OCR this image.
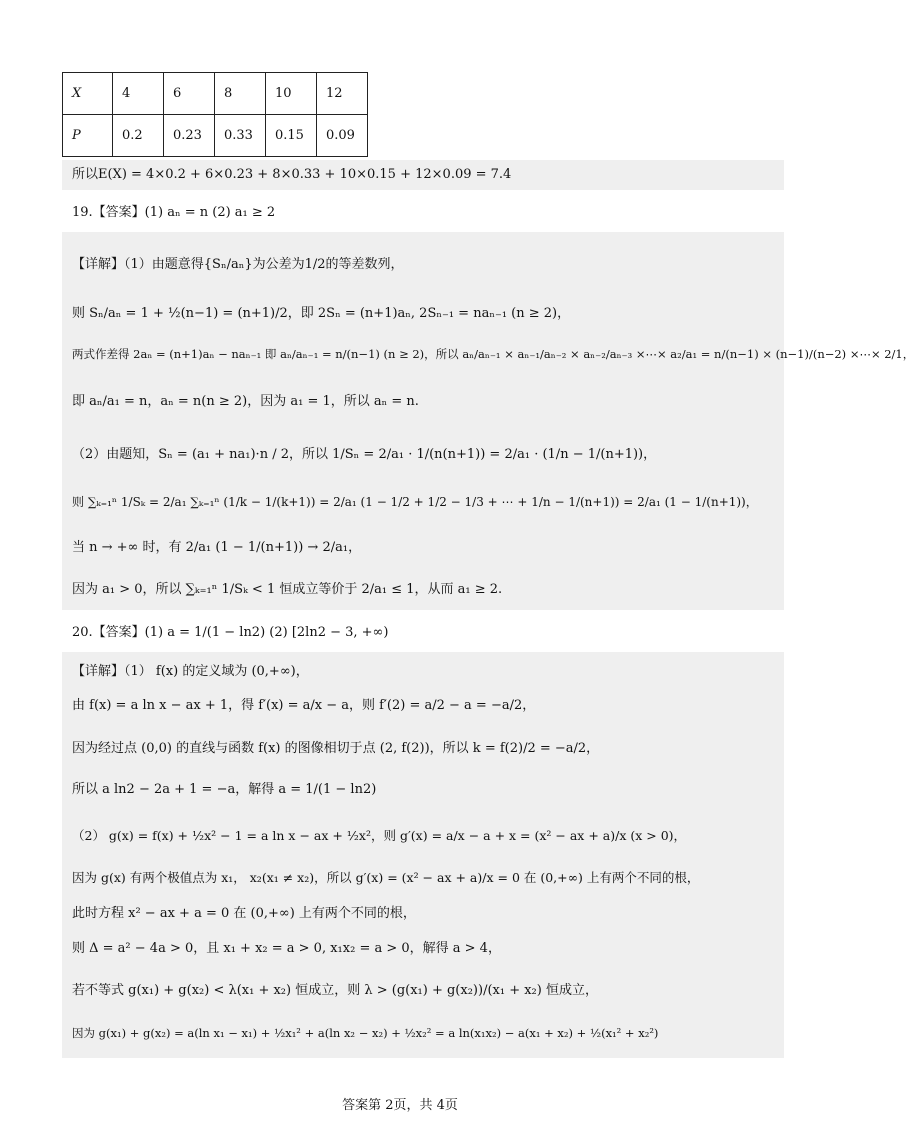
X	4	6	8	10	12
P	0.2	0.23	0.33	0.15	0.09
所以E(X) = 4×0.2 + 6×0.23 + 8×0.33 + 10×0.15 + 12×0.09 = 7.4
19.【答案】(1) aₙ = n (2) a₁ ≥ 2
【详解】（1）由题意得{Sₙ/aₙ}为公差为1/2的等差数列，
则 Sₙ/aₙ = 1 + ½(n−1) = (n+1)/2，即 2Sₙ = (n+1)aₙ, 2Sₙ₋₁ = naₙ₋₁ (n ≥ 2)，
两式作差得 2aₙ = (n+1)aₙ − naₙ₋₁ 即 aₙ/aₙ₋₁ = n/(n−1) (n ≥ 2)，所以 aₙ/aₙ₋₁ × aₙ₋₁/aₙ₋₂ × aₙ₋₂/aₙ₋₃ ×⋯× a₂/a₁ = n/(n−1) × (n−1)/(n−2) ×⋯× 2/1，
即 aₙ/a₁ = n，aₙ = n(n ≥ 2)，因为 a₁ = 1，所以 aₙ = n.
（2）由题知，Sₙ = (a₁ + na₁)·n / 2，所以 1/Sₙ = 2/a₁ · 1/(n(n+1)) = 2/a₁ · (1/n − 1/(n+1))，
则 ∑ₖ₌₁ⁿ 1/Sₖ = 2/a₁ ∑ₖ₌₁ⁿ (1/k − 1/(k+1)) = 2/a₁ (1 − 1/2 + 1/2 − 1/3 + ⋯ + 1/n − 1/(n+1)) = 2/a₁ (1 − 1/(n+1))，
当 n → +∞ 时，有 2/a₁ (1 − 1/(n+1)) → 2/a₁，
因为 a₁ > 0，所以 ∑ₖ₌₁ⁿ 1/Sₖ < 1 恒成立等价于 2/a₁ ≤ 1，从而 a₁ ≥ 2.
20.【答案】(1) a = 1/(1 − ln2) (2) [2ln2 − 3, +∞)
【详解】（1） f(x) 的定义域为 (0,+∞)，
由 f(x) = a ln x − ax + 1，得 f′(x) = a/x − a，则 f′(2) = a/2 − a = −a/2，
因为经过点 (0,0) 的直线与函数 f(x) 的图像相切于点 (2, f(2))，所以 k = f(2)/2 = −a/2，
所以 a ln2 − 2a + 1 = −a，解得 a = 1/(1 − ln2)
（2） g(x) = f(x) + ½x² − 1 = a ln x − ax + ½x²，则 g′(x) = a/x − a + x = (x² − ax + a)/x (x > 0)，
因为 g(x) 有两个极值点为 x₁， x₂(x₁ ≠ x₂)，所以 g′(x) = (x² − ax + a)/x = 0 在 (0,+∞) 上有两个不同的根，
此时方程 x² − ax + a = 0 在 (0,+∞) 上有两个不同的根，
则 Δ = a² − 4a > 0，且 x₁ + x₂ = a > 0, x₁x₂ = a > 0，解得 a > 4，
若不等式 g(x₁) + g(x₂) < λ(x₁ + x₂) 恒成立，则 λ > (g(x₁) + g(x₂))/(x₁ + x₂) 恒成立，
因为 g(x₁) + g(x₂) = a(ln x₁ − x₁) + ½x₁² + a(ln x₂ − x₂) + ½x₂² = a ln(x₁x₂) − a(x₁ + x₂) + ½(x₁² + x₂²)
答案第 2页，共 4页
